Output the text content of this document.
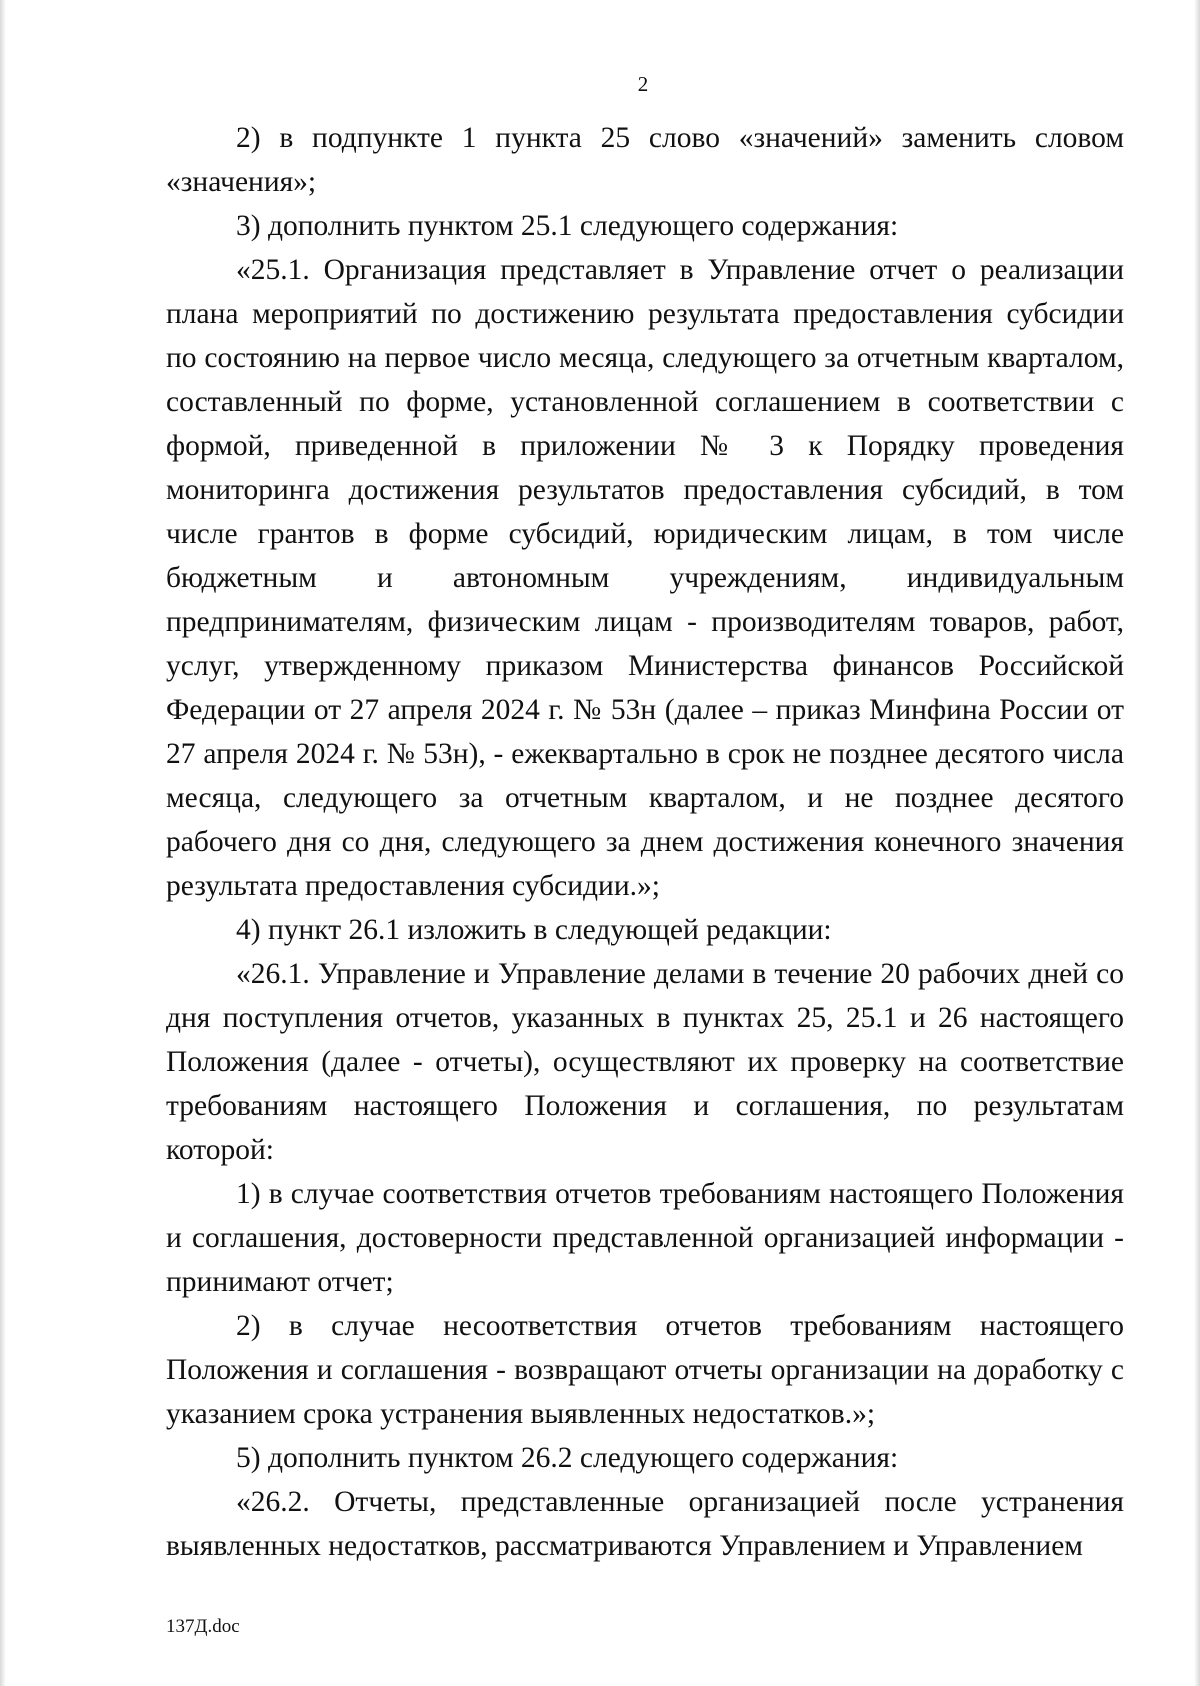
2

2) в подпункте 1 пункта 25 слово «значений» заменить словом «значения»;

3) дополнить пунктом 25.1 следующего содержания:

«25.1. Организация представляет в Управление отчет о реализации плана мероприятий по достижению результата предоставления субсидии по состоянию на первое число месяца, следующего за отчетным кварталом, составленный по форме, установленной соглашением в соответствии с формой, приведенной в приложении № 3 к Порядку проведения мониторинга достижения результатов предоставления субсидий, в том числе грантов в форме субсидий, юридическим лицам, в том числе бюджетным и автономным учреждениям, индивидуальным предпринимателям, физическим лицам - производителям товаров, работ, услуг, утвержденному приказом Министерства финансов Российской Федерации от 27 апреля 2024 г. № 53н (далее – приказ Минфина России от 27 апреля 2024 г. № 53н), - ежеквартально в срок не позднее десятого числа месяца, следующего за отчетным кварталом, и не позднее десятого рабочего дня со дня, следующего за днем достижения конечного значения результата предоставления субсидии.»;

4) пункт 26.1 изложить в следующей редакции:

«26.1. Управление и Управление делами в течение 20 рабочих дней со дня поступления отчетов, указанных в пунктах 25, 25.1 и 26 настоящего Положения (далее - отчеты), осуществляют их проверку на соответствие требованиям настоящего Положения и соглашения, по результатам которой:

1) в случае соответствия отчетов требованиям настоящего Положения и соглашения, достоверности представленной организацией информации - принимают отчет;

2) в случае несоответствия отчетов требованиям настоящего Положения и соглашения - возвращают отчеты организации на доработку с указанием срока устранения выявленных недостатков.»;

5) дополнить пунктом 26.2 следующего содержания:

«26.2. Отчеты, представленные организацией после устранения выявленных недостатков, рассматриваются Управлением и Управлением

137Д.doc
